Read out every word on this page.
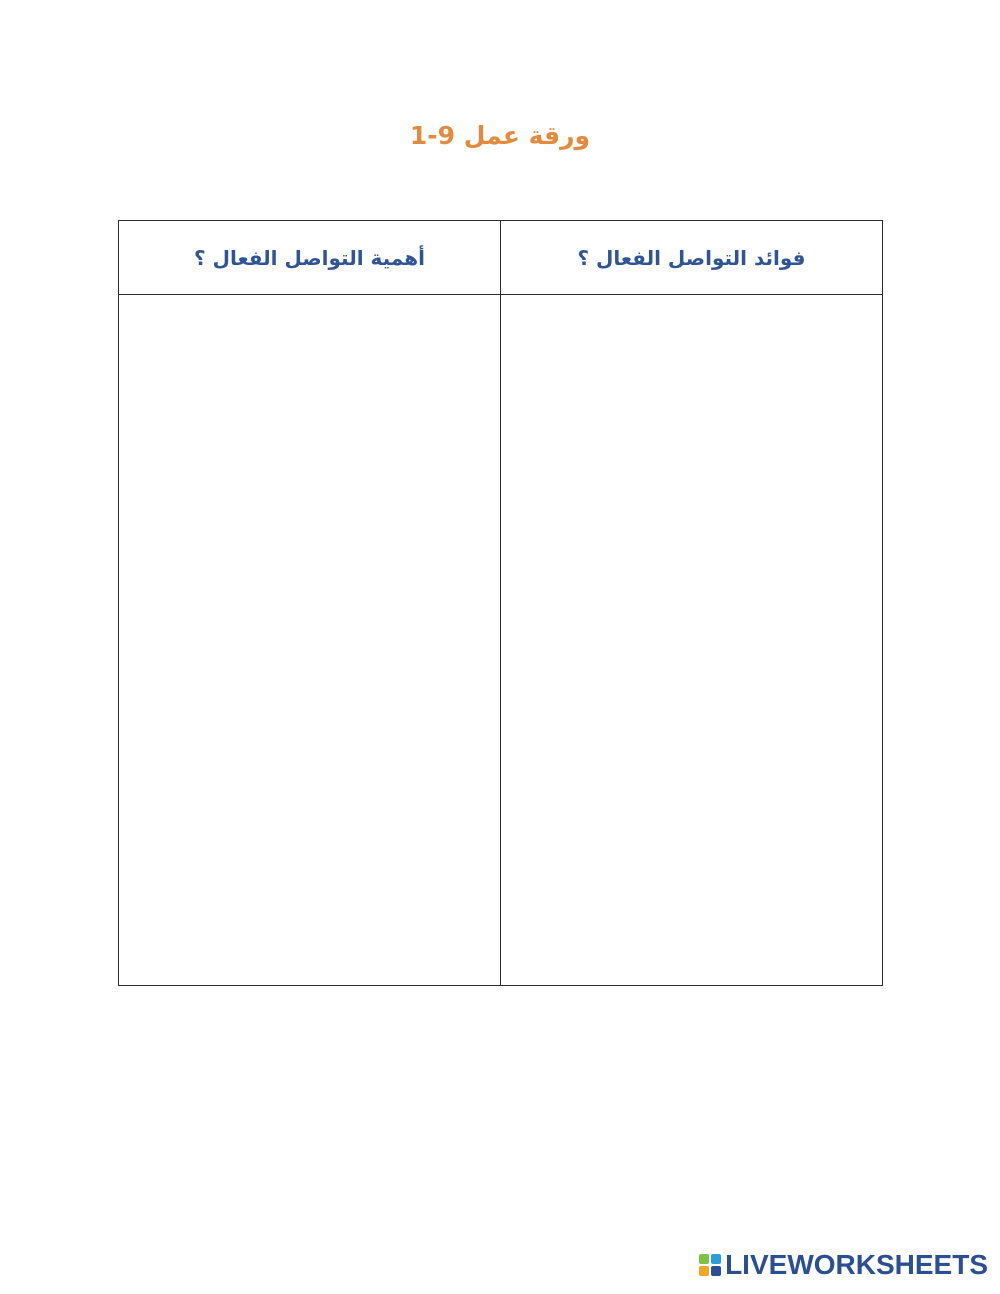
ورقة عمل 9-1
فوائد التواصل الفعال ؟	أهمية التواصل الفعال ؟

LIVEWORKSHEETS
